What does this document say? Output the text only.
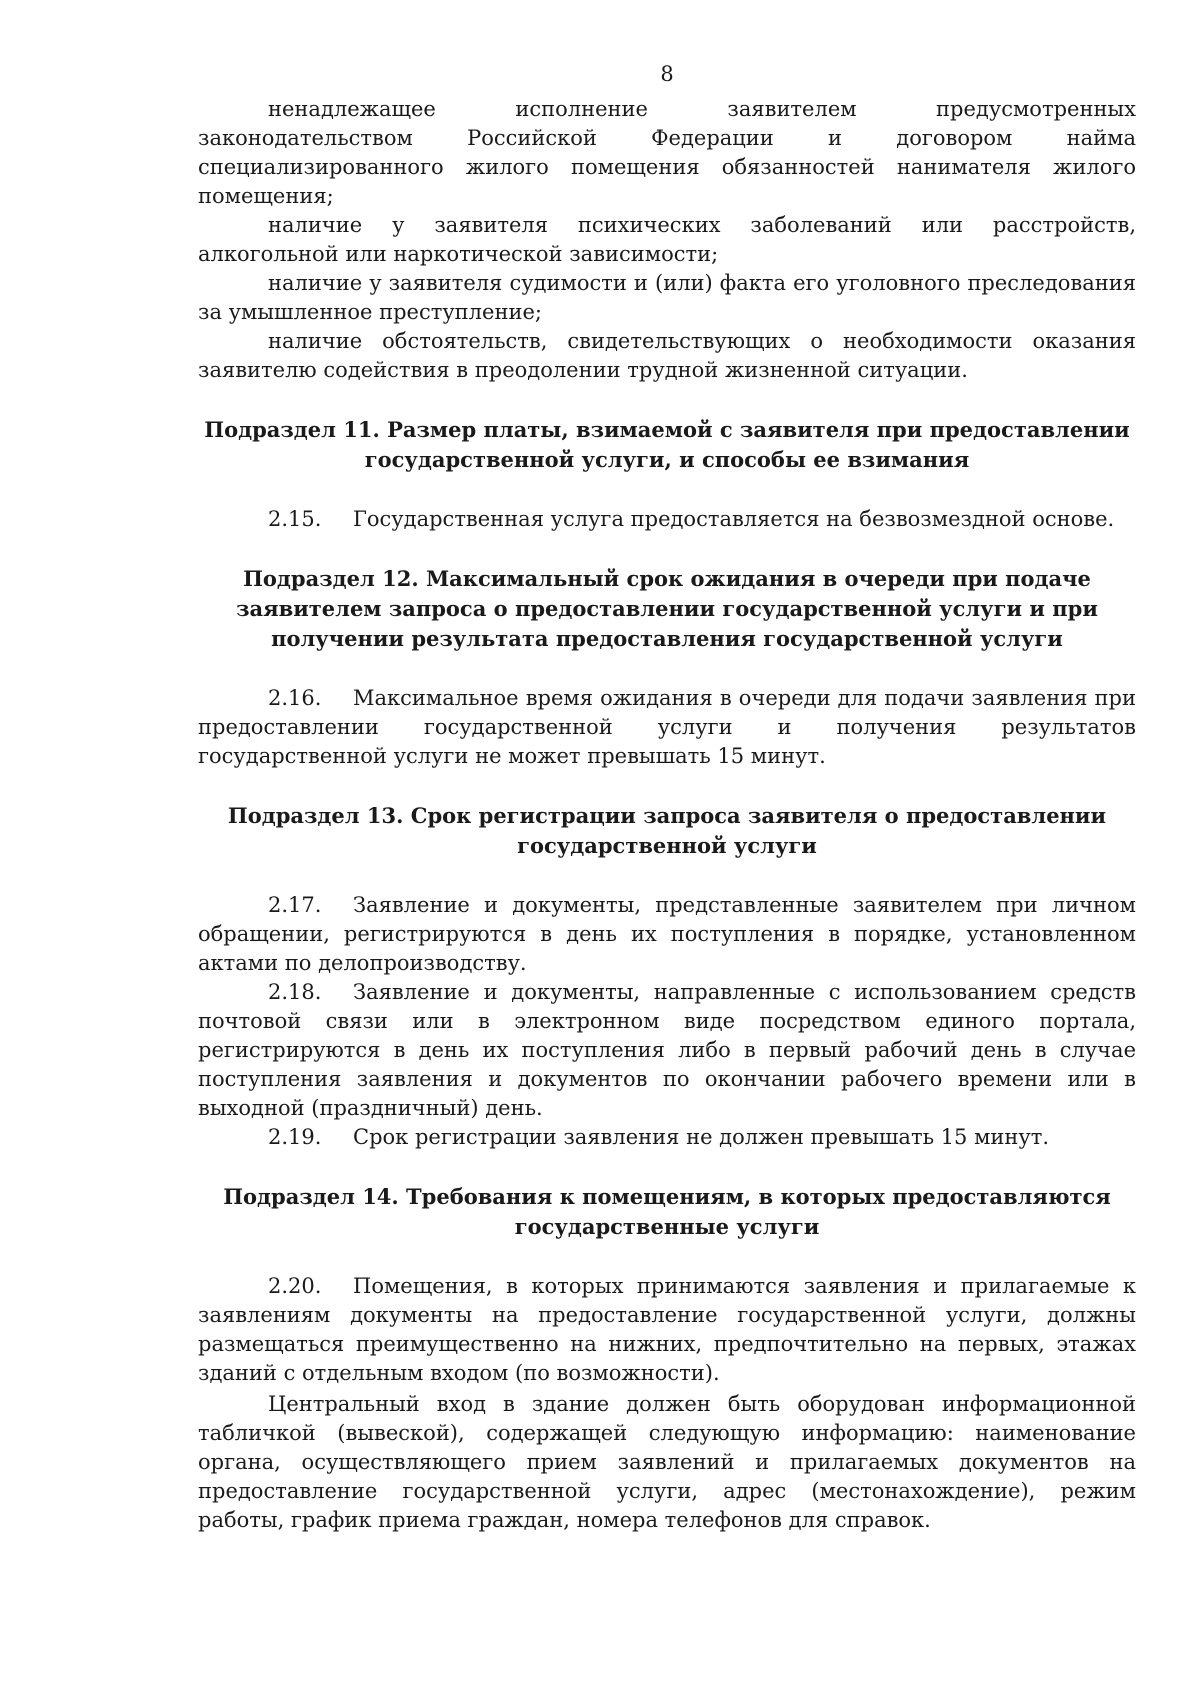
8

ненадлежащее исполнение заявителем предусмотренных законодательством Российской Федерации и договором найма специализированного жилого помещения обязанностей нанимателя жилого помещения;

наличие у заявителя психических заболеваний или расстройств, алкогольной или наркотической зависимости;

наличие у заявителя судимости и (или) факта его уголовного преследования за умышленное преступление;

наличие обстоятельств, свидетельствующих о необходимости оказания заявителю содействия в преодолении трудной жизненной ситуации.

Подраздел 11. Размер платы, взимаемой с заявителя при предоставлении государственной услуги, и способы ее взимания

2.15. Государственная услуга предоставляется на безвозмездной основе.

Подраздел 12. Максимальный срок ожидания в очереди при подаче заявителем запроса о предоставлении государственной услуги и при получении результата предоставления государственной услуги

2.16. Максимальное время ожидания в очереди для подачи заявления при предоставлении государственной услуги и получения результатов государственной услуги не может превышать 15 минут.

Подраздел 13. Срок регистрации запроса заявителя о предоставлении государственной услуги

2.17. Заявление и документы, представленные заявителем при личном обращении, регистрируются в день их поступления в порядке, установленном актами по делопроизводству.

2.18. Заявление и документы, направленные с использованием средств почтовой связи или в электронном виде посредством единого портала, регистрируются в день их поступления либо в первый рабочий день в случае поступления заявления и документов по окончании рабочего времени или в выходной (праздничный) день.

2.19. Срок регистрации заявления не должен превышать 15 минут.

Подраздел 14. Требования к помещениям, в которых предоставляются государственные услуги

2.20. Помещения, в которых принимаются заявления и прилагаемые к заявлениям документы на предоставление государственной услуги, должны размещаться преимущественно на нижних, предпочтительно на первых, этажах зданий с отдельным входом (по возможности).

Центральный вход в здание должен быть оборудован информационной табличкой (вывеской), содержащей следующую информацию: наименование органа, осуществляющего прием заявлений и прилагаемых документов на предоставление государственной услуги, адрес (местонахождение), режим работы, график приема граждан, номера телефонов для справок.
